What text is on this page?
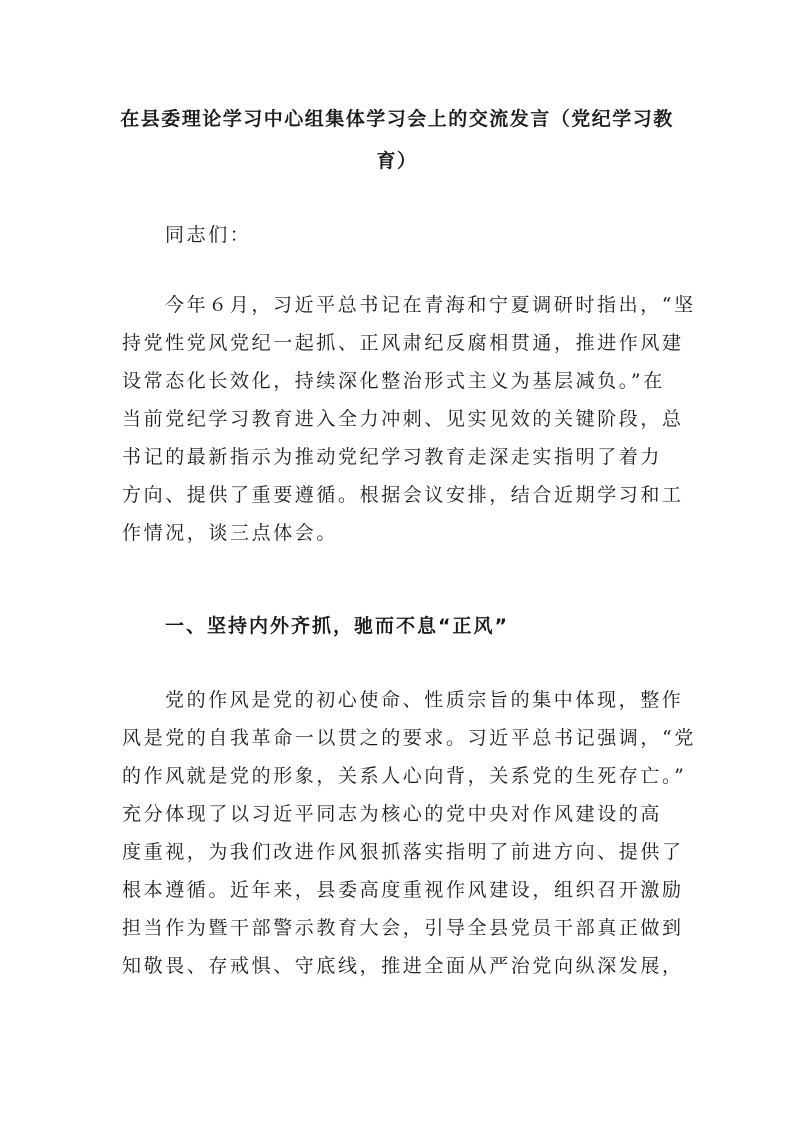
在县委理论学习中心组集体学习会上的交流发言（党纪学习教育）

同志们：

今年６月，习近平总书记在青海和宁夏调研时指出，“坚

持党性党风党纪一起抓、正风肃纪反腐相贯通，推进作风建

设常态化长效化，持续深化整治形式主义为基层减负。”在

当前党纪学习教育进入全力冲刺、见实见效的关键阶段，总

书记的最新指示为推动党纪学习教育走深走实指明了着力

方向、提供了重要遵循。根据会议安排，结合近期学习和工

作情况，谈三点体会。

一、坚持内外齐抓，驰而不息“正风”

党的作风是党的初心使命、性质宗旨的集中体现，整作

风是党的自我革命一以贯之的要求。习近平总书记强调，“党

的作风就是党的形象，关系人心向背，关系党的生死存亡。”

充分体现了以习近平同志为核心的党中央对作风建设的高

度重视，为我们改进作风狠抓落实指明了前进方向、提供了

根本遵循。近年来，县委高度重视作风建设，组织召开激励

担当作为暨干部警示教育大会，引导全县党员干部真正做到

知敬畏、存戒惧、守底线，推进全面从严治党向纵深发展，
